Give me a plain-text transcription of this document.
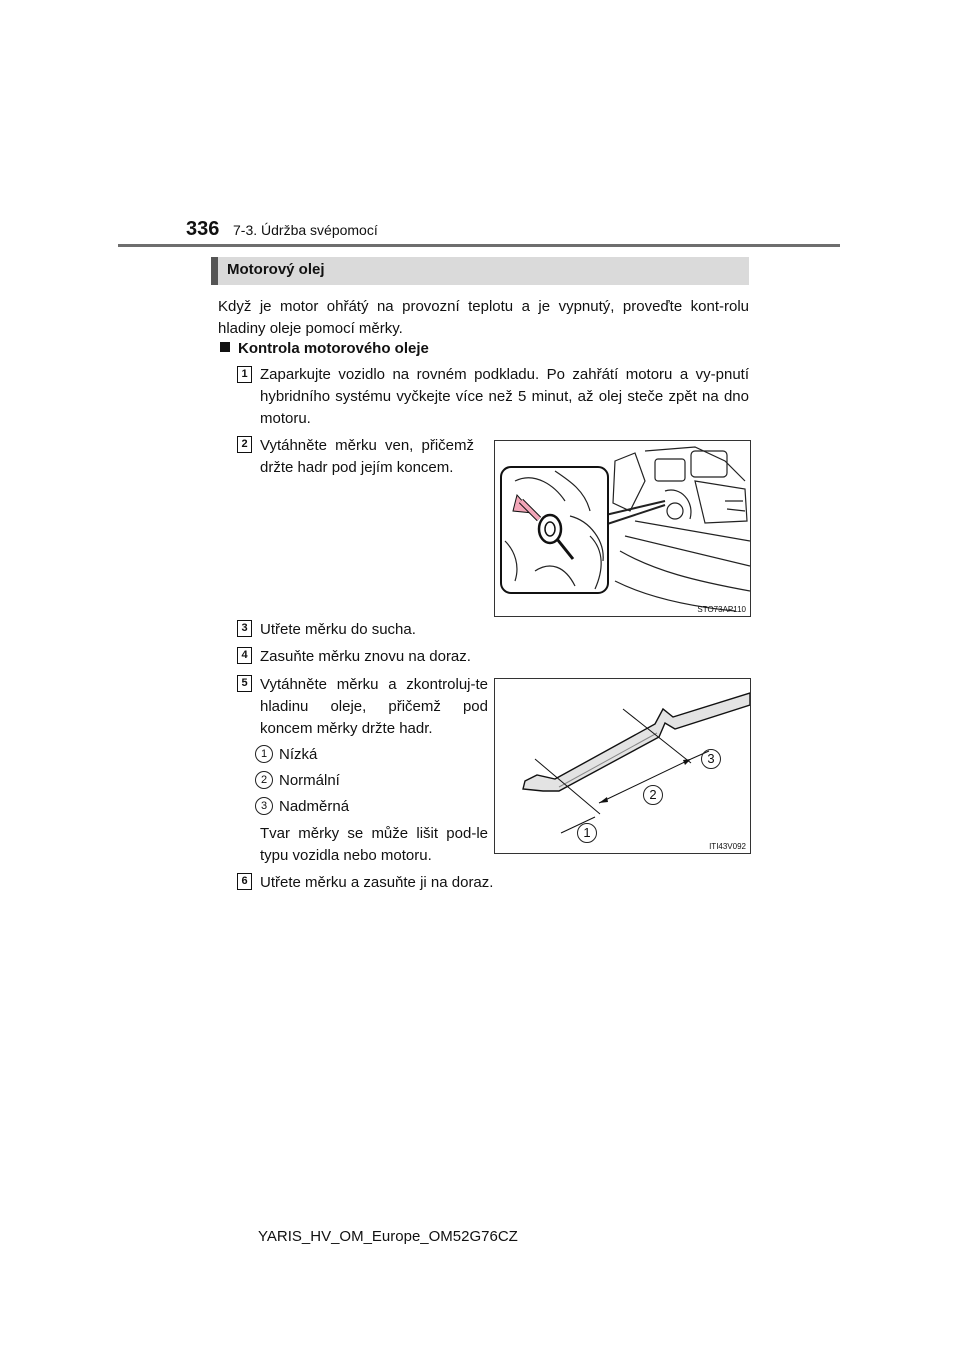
336 7-3. Údržba svépomocí
Motorový olej
Když je motor ohřátý na provozní teplotu a je vypnutý, proveďte kont-rolu hladiny oleje pomocí měrky.
Kontrola motorového oleje
1 Zaparkujte vozidlo na rovném podkladu. Po zahřátí motoru a vy-pnutí hybridního systému vyčkejte více než 5 minut, až olej steče zpět na dno motoru.
2 Vytáhněte měrku ven, přičemž držte hadr pod jejím koncem.
STO73AP110
3 Utřete měrku do sucha.
4 Zasuňte měrku znovu na doraz.
5 Vytáhněte měrku a zkontroluj-te hladinu oleje, přičemž pod koncem měrky držte hadr.
1 Nízká
2 Normální
3 Nadměrná
Tvar měrky se může lišit pod-le typu vozidla nebo motoru.
1
2
3
ITI43V092
6 Utřete měrku a zasuňte ji na doraz.
YARIS_HV_OM_Europe_OM52G76CZ
